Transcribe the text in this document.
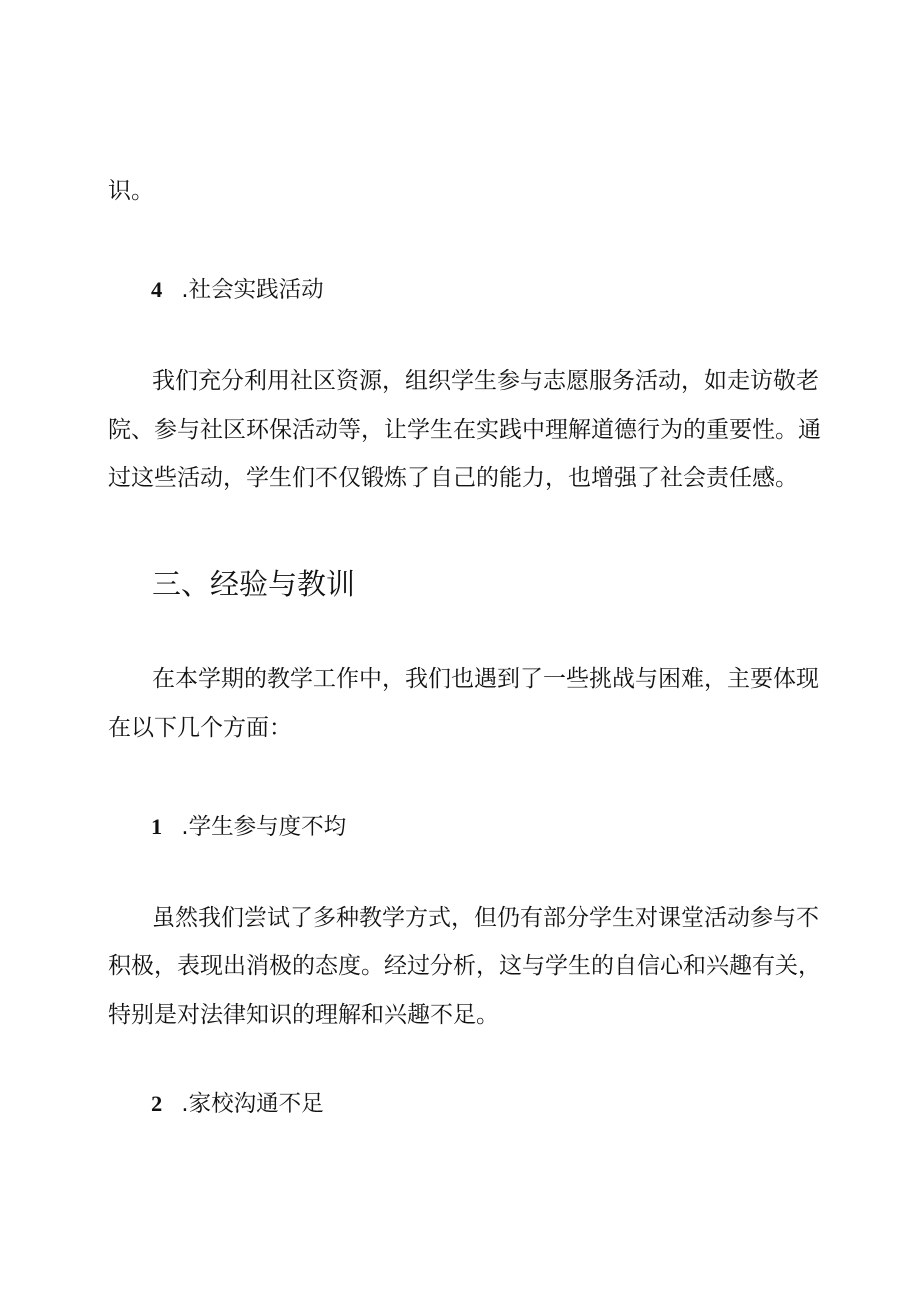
识。

4 .社会实践活动

我们充分利用社区资源，组织学生参与志愿服务活动，如走访敬老

院、参与社区环保活动等，让学生在实践中理解道德行为的重要性。通

过这些活动，学生们不仅锻炼了自己的能力，也增强了社会责任感。

三、经验与教训

在本学期的教学工作中，我们也遇到了一些挑战与困难，主要体现

在以下几个方面：

1 .学生参与度不均

虽然我们尝试了多种教学方式，但仍有部分学生对课堂活动参与不

积极，表现出消极的态度。经过分析，这与学生的自信心和兴趣有关，

特别是对法律知识的理解和兴趣不足。

2 .家校沟通不足
